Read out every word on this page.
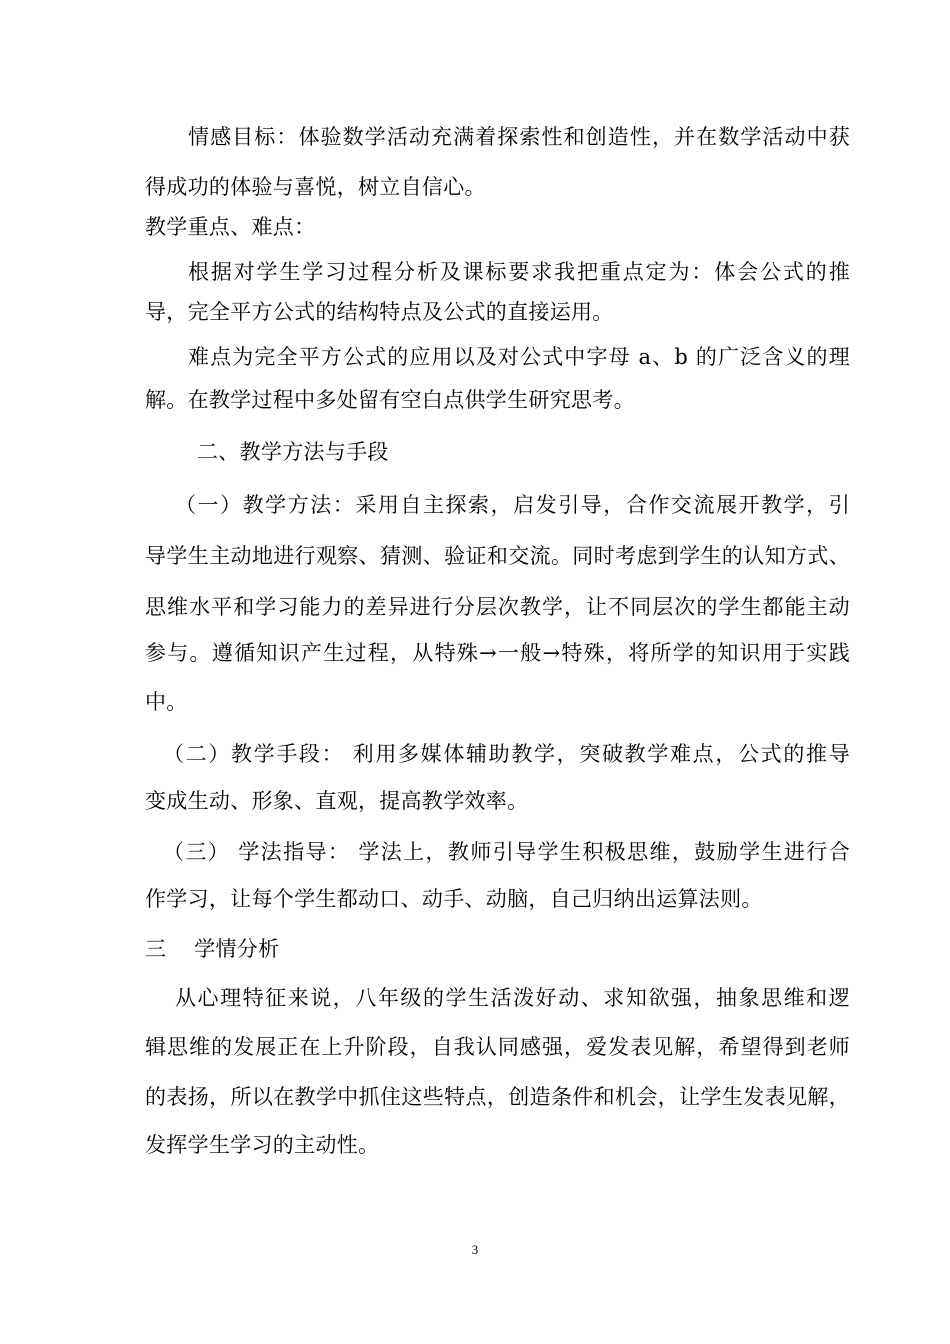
情感目标：体验数学活动充满着探索性和创造性，并在数学活动中获
得成功的体验与喜悦，树立自信心。
教学重点、难点：
根据对学生学习过程分析及课标要求我把重点定为：体会公式的推
导，完全平方公式的结构特点及公式的直接运用。
难点为完全平方公式的应用以及对公式中字母 a、b 的广泛含义的理
解。在教学过程中多处留有空白点供学生研究思考。
二、教学方法与手段
（一）教学方法：采用自主探索，启发引导，合作交流展开教学，引
导学生主动地进行观察、猜测、验证和交流。同时考虑到学生的认知方式、
思维水平和学习能力的差异进行分层次教学，让不同层次的学生都能主动
参与。遵循知识产生过程，从特殊→一般→特殊，将所学的知识用于实践
中。
（二）教学手段： 利用多媒体辅助教学，突破教学难点，公式的推导
变成生动、形象、直观，提高教学效率。
（三） 学法指导： 学法上，教师引导学生积极思维，鼓励学生进行合
作学习，让每个学生都动口、动手、动脑，自己归纳出运算法则。
三    学情分析
从心理特征来说，八年级的学生活泼好动、求知欲强，抽象思维和逻
辑思维的发展正在上升阶段，自我认同感强，爱发表见解，希望得到老师
的表扬，所以在教学中抓住这些特点，创造条件和机会，让学生发表见解，
发挥学生学习的主动性。
3
